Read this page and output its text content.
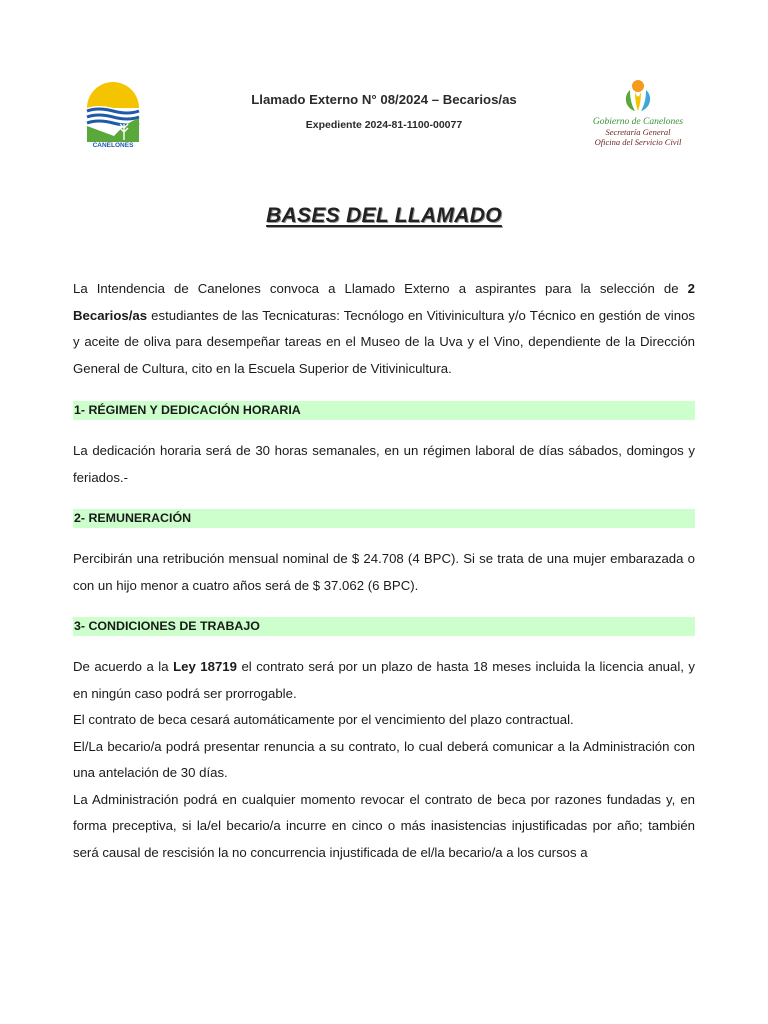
CANELONES
Llamado Externo N° 08/2024 – Becarios/as
Expediente 2024-81-1100-00077	Gobierno de Canelones
Secretaría General
Oficina del Servicio Civil
BASES DEL LLAMADO

La Intendencia de Canelones convoca a Llamado Externo a aspirantes para la selección de 2 Becarios/as estudiantes de las Tecnicaturas: Tecnólogo en Vitivinicultura y/o Técnico en gestión de vinos y aceite de oliva para desempeñar tareas en el Museo de la Uva y el Vino, dependiente de la Dirección General de Cultura, cito en la Escuela Superior de Vitivinicultura.

1- RÉGIMEN Y DEDICACIÓN HORARIA

La dedicación horaria será de 30 horas semanales, en un régimen laboral de días sábados, domingos y feriados.-

2- REMUNERACIÓN

Percibirán una retribución mensual nominal de $ 24.708 (4 BPC). Si se trata de una mujer embarazada o con un hijo menor a cuatro años será de $ 37.062 (6 BPC).

3- CONDICIONES DE TRABAJO

De acuerdo a la Ley 18719 el contrato será por un plazo de hasta 18 meses incluida la licencia anual, y en ningún caso podrá ser prorrogable.

El contrato de beca cesará automáticamente por el vencimiento del plazo contractual.

El/La becario/a podrá presentar renuncia a su contrato, lo cual deberá comunicar a la Administración con una antelación de 30 días.

La Administración podrá en cualquier momento revocar el contrato de beca por razones fundadas y, en forma preceptiva, si la/el becario/a incurre en cinco o más inasistencias injustificadas por año; también será causal de rescisión la no concurrencia injustificada de el/la becario/a a los cursos a
